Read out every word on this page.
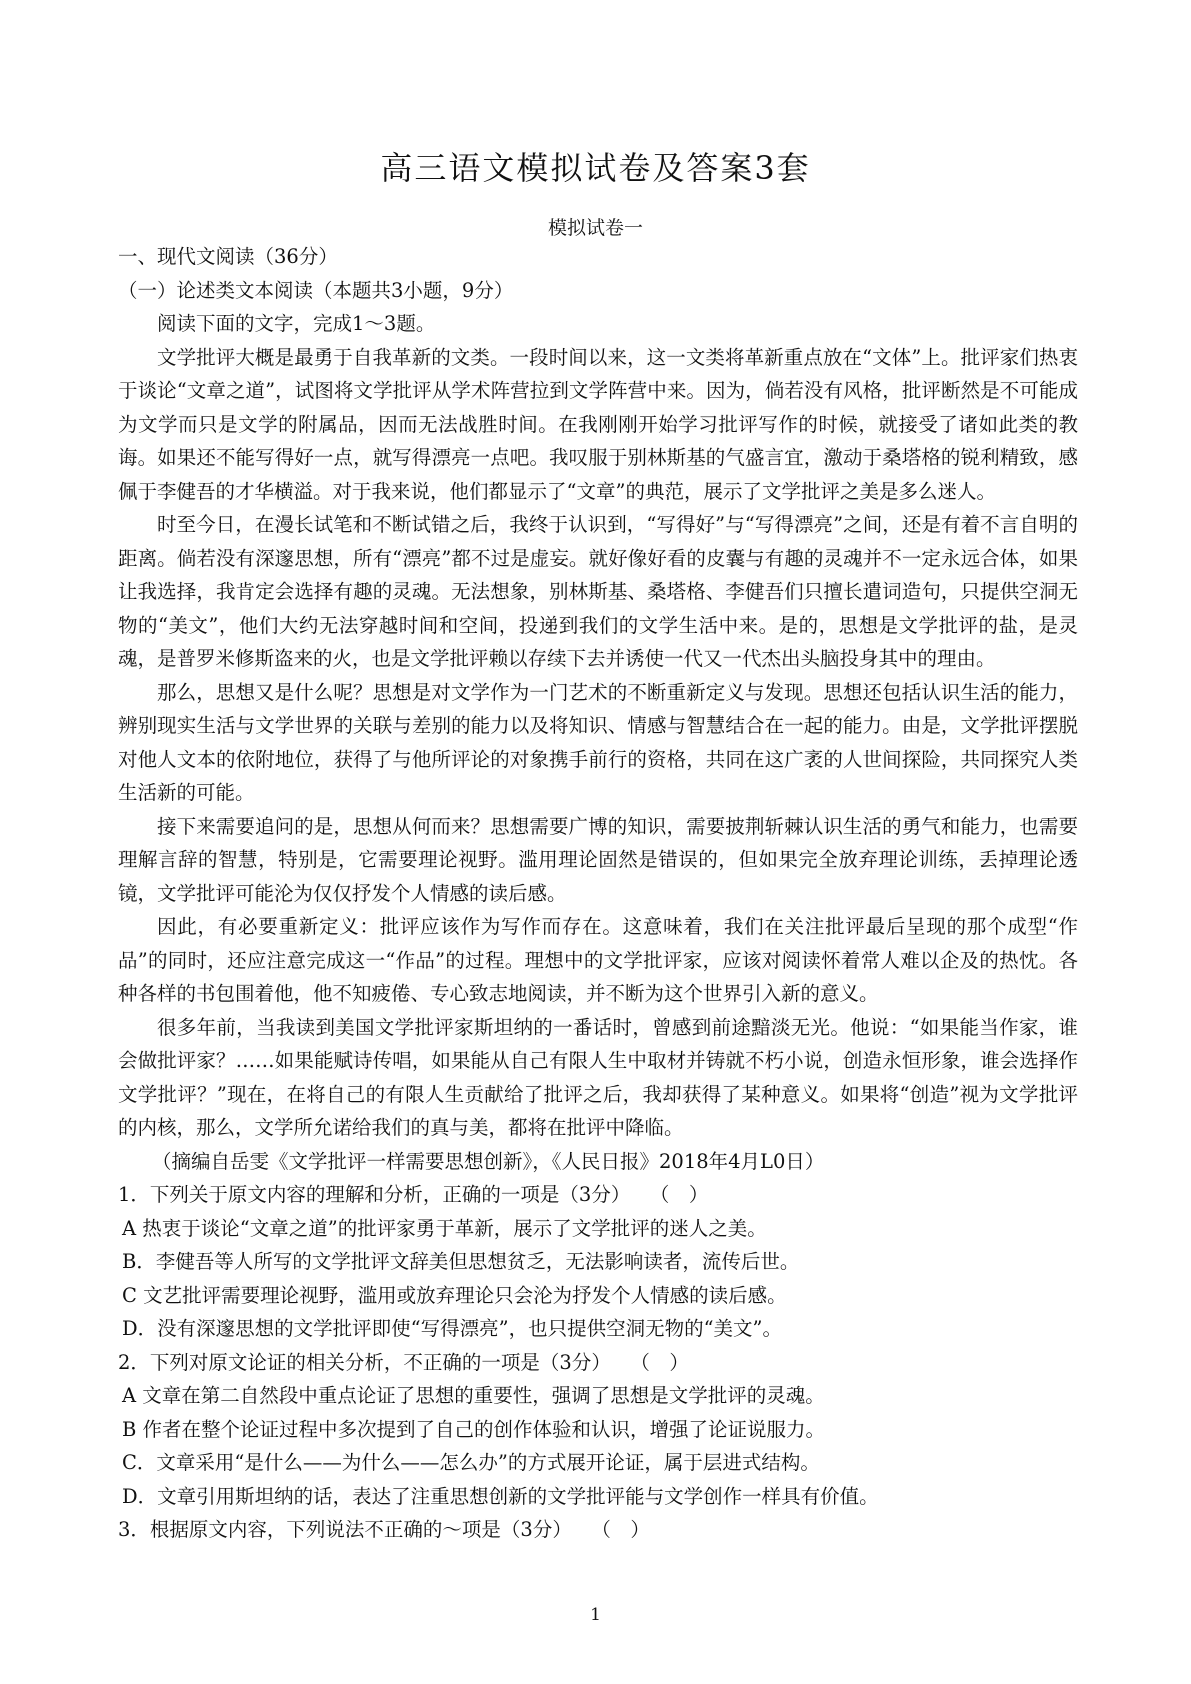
高三语文模拟试卷及答案3套
模拟试卷一
一、现代文阅读（36分）
（一）论述类文本阅读（本题共3小题，9分）
阅读下面的文字，完成1～3题。
文学批评大概是最勇于自我革新的文类。一段时间以来，这一文类将革新重点放在“文体”上。批评家们热衷于谈论“文章之道”，试图将文学批评从学术阵营拉到文学阵营中来。因为，倘若没有风格，批评断然是不可能成为文学而只是文学的附属品，因而无法战胜时间。在我刚刚开始学习批评写作的时候，就接受了诸如此类的教诲。如果还不能写得好一点，就写得漂亮一点吧。我叹服于别林斯基的气盛言宜，激动于桑塔格的锐利精致，感佩于李健吾的才华横溢。对于我来说，他们都显示了“文章”的典范，展示了文学批评之美是多么迷人。
时至今日，在漫长试笔和不断试错之后，我终于认识到，“写得好”与“写得漂亮”之间，还是有着不言自明的距离。倘若没有深邃思想，所有“漂亮”都不过是虚妄。就好像好看的皮囊与有趣的灵魂并不一定永远合体，如果让我选择，我肯定会选择有趣的灵魂。无法想象，别林斯基、桑塔格、李健吾们只擅长遣词造句，只提供空洞无物的“美文”，他们大约无法穿越时间和空间，投递到我们的文学生活中来。是的，思想是文学批评的盐，是灵魂，是普罗米修斯盗来的火，也是文学批评赖以存续下去并诱使一代又一代杰出头脑投身其中的理由。
那么，思想又是什么呢？思想是对文学作为一门艺术的不断重新定义与发现。思想还包括认识生活的能力，辨别现实生活与文学世界的关联与差别的能力以及将知识、情感与智慧结合在一起的能力。由是，文学批评摆脱对他人文本的依附地位，获得了与他所评论的对象携手前行的资格，共同在这广袤的人世间探险，共同探究人类生活新的可能。
接下来需要追问的是，思想从何而来？思想需要广博的知识，需要披荆斩棘认识生活的勇气和能力，也需要理解言辞的智慧，特别是，它需要理论视野。滥用理论固然是错误的，但如果完全放弃理论训练，丢掉理论透镜，文学批评可能沦为仅仅抒发个人情感的读后感。
因此，有必要重新定义：批评应该作为写作而存在。这意味着，我们在关注批评最后呈现的那个成型“作品”的同时，还应注意完成这一“作品”的过程。理想中的文学批评家，应该对阅读怀着常人难以企及的热忱。各种各样的书包围着他，他不知疲倦、专心致志地阅读，并不断为这个世界引入新的意义。
很多年前，当我读到美国文学批评家斯坦纳的一番话时，曾感到前途黯淡无光。他说：“如果能当作家，谁会做批评家？……如果能赋诗传唱，如果能从自己有限人生中取材并铸就不朽小说，创造永恒形象，谁会选择作文学批评？”现在，在将自己的有限人生贡献给了批评之后，我却获得了某种意义。如果将“创造”视为文学批评的内核，那么，文学所允诺给我们的真与美，都将在批评中降临。
（摘编自岳雯《文学批评一样需要思想创新》，《人民日报》2018年4月L0日）
1．下列关于原文内容的理解和分析，正确的一项是（3分）　　（　）
A 热衷于谈论“文章之道”的批评家勇于革新，展示了文学批评的迷人之美。
B．李健吾等人所写的文学批评文辞美但思想贫乏，无法影响读者，流传后世。
C 文艺批评需要理论视野，滥用或放弃理论只会沦为抒发个人情感的读后感。
D．没有深邃思想的文学批评即使“写得漂亮”，也只提供空洞无物的“美文”。
2．下列对原文论证的相关分析，不正确的一项是（3分）　　（　）
A 文章在第二自然段中重点论证了思想的重要性，强调了思想是文学批评的灵魂。
B 作者在整个论证过程中多次提到了自己的创作体验和认识，增强了论证说服力。
C．文章采用“是什么——为什么——怎么办”的方式展开论证，属于层进式结构。
D．文章引用斯坦纳的话，表达了注重思想创新的文学批评能与文学创作一样具有价值。
3．根据原文内容，下列说法不正确的～项是（3分）　　（　）
1
